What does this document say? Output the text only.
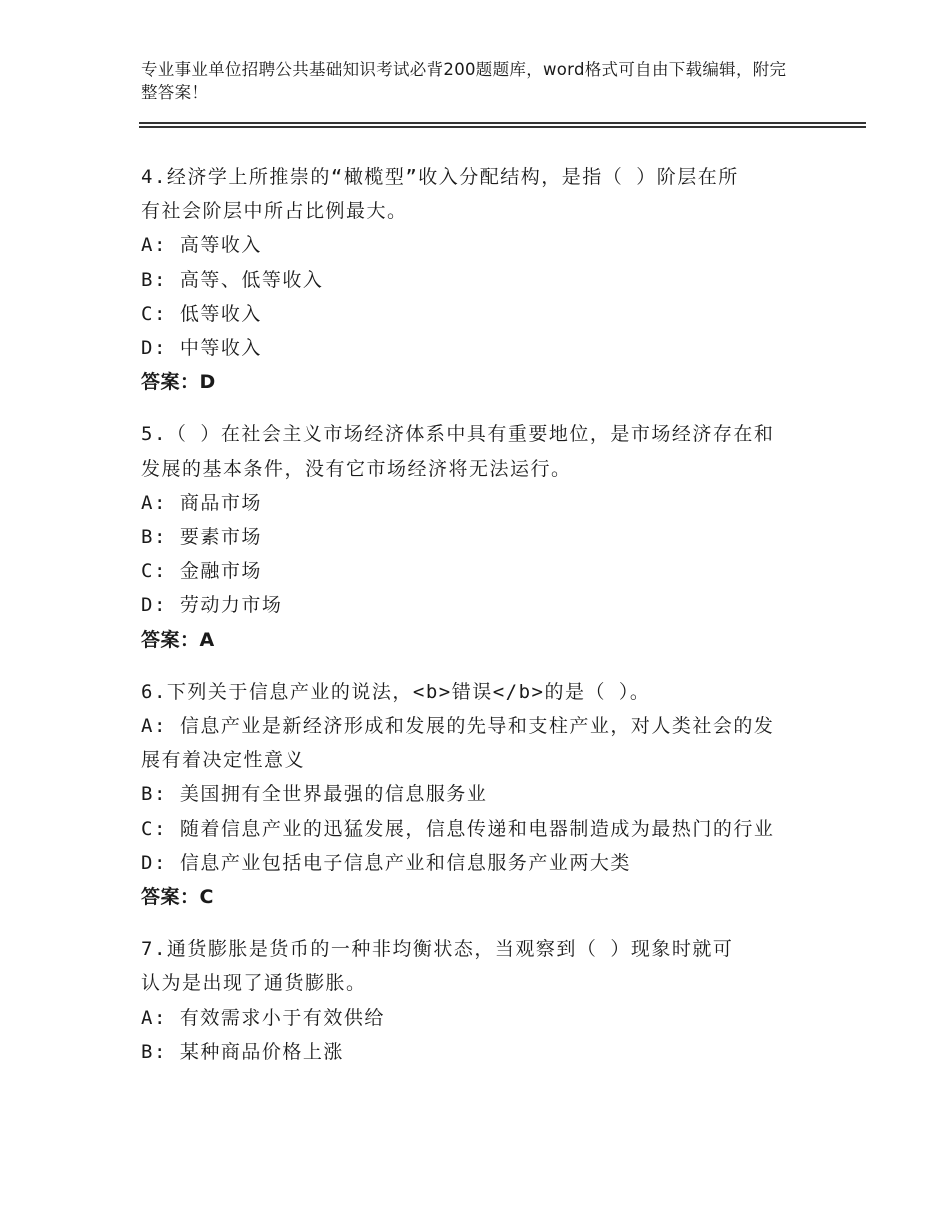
专业事业单位招聘公共基础知识考试必背200题题库，word格式可自由下载编辑，附完整答案！
4.经济学上所推崇的“橄榄型”收入分配结构，是指（ ）阶层在所
有社会阶层中所占比例最大。
A: 高等收入
B: 高等、低等收入
C: 低等收入
D: 中等收入
答案：D
5.（ ）在社会主义市场经济体系中具有重要地位，是市场经济存在和
发展的基本条件，没有它市场经济将无法运行。
A: 商品市场
B: 要素市场
C: 金融市场
D: 劳动力市场
答案：A
6.下列关于信息产业的说法，<b>错误</b>的是（ ）。
A: 信息产业是新经济形成和发展的先导和支柱产业，对人类社会的发
展有着决定性意义
B: 美国拥有全世界最强的信息服务业
C: 随着信息产业的迅猛发展，信息传递和电器制造成为最热门的行业
D: 信息产业包括电子信息产业和信息服务产业两大类
答案：C
7.通货膨胀是货币的一种非均衡状态，当观察到（ ）现象时就可
认为是出现了通货膨胀。
A: 有效需求小于有效供给
B: 某种商品价格上涨
